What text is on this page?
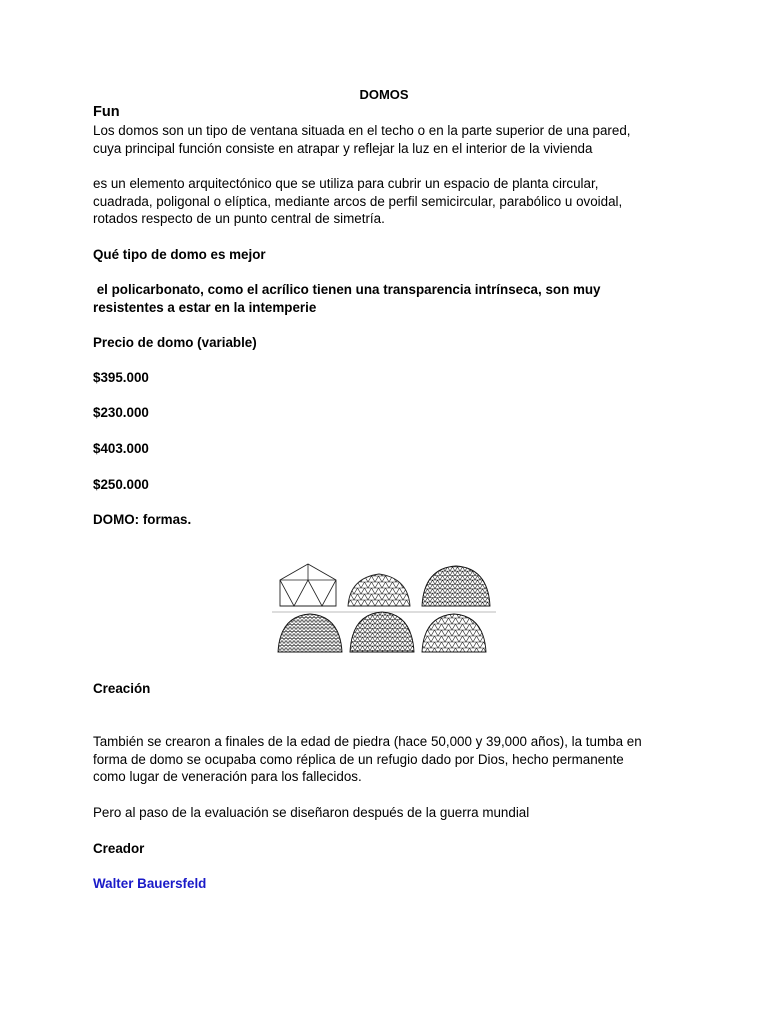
DOMOS
Fun
Los domos son un tipo de ventana situada en el techo o en la parte superior de una pared,
cuya principal función consiste en atrapar y reflejar la luz en el interior de la vivienda
es un elemento arquitectónico que se utiliza para cubrir un espacio de planta circular,
cuadrada, poligonal o elíptica, mediante arcos de perfil semicircular, parabólico u ovoidal,
rotados respecto de un punto central de simetría.
Qué tipo de domo es mejor
el policarbonato, como el acrílico tienen una transparencia intrínseca, son muy
resistentes a estar en la intemperie
Precio de domo (variable)
$395.000
$230.000
$403.000
$250.000
DOMO: formas.
Creación
También se crearon a finales de la edad de piedra (hace 50,000 y 39,000 años), la tumba en
forma de domo se ocupaba como réplica de un refugio dado por Dios, hecho permanente
como lugar de veneración para los fallecidos.
Pero al paso de la evaluación se diseñaron después de la guerra mundial
Creador
Walter Bauersfeld
